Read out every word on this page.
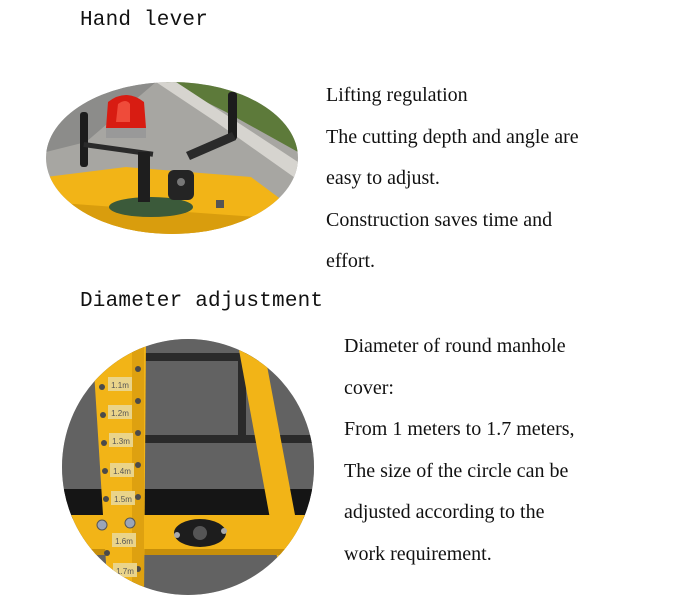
Hand lever
Lifting regulation
The cutting depth and angle are
easy to adjust.
Construction saves time and
effort.
Diameter adjustment
1.1m
1.2m
1.3m
1.4m
1.5m
1.6m
1.7m
Diameter of round manhole
cover:
From 1 meters to 1.7 meters,
The size of the circle can be
adjusted according to the
work requirement.
